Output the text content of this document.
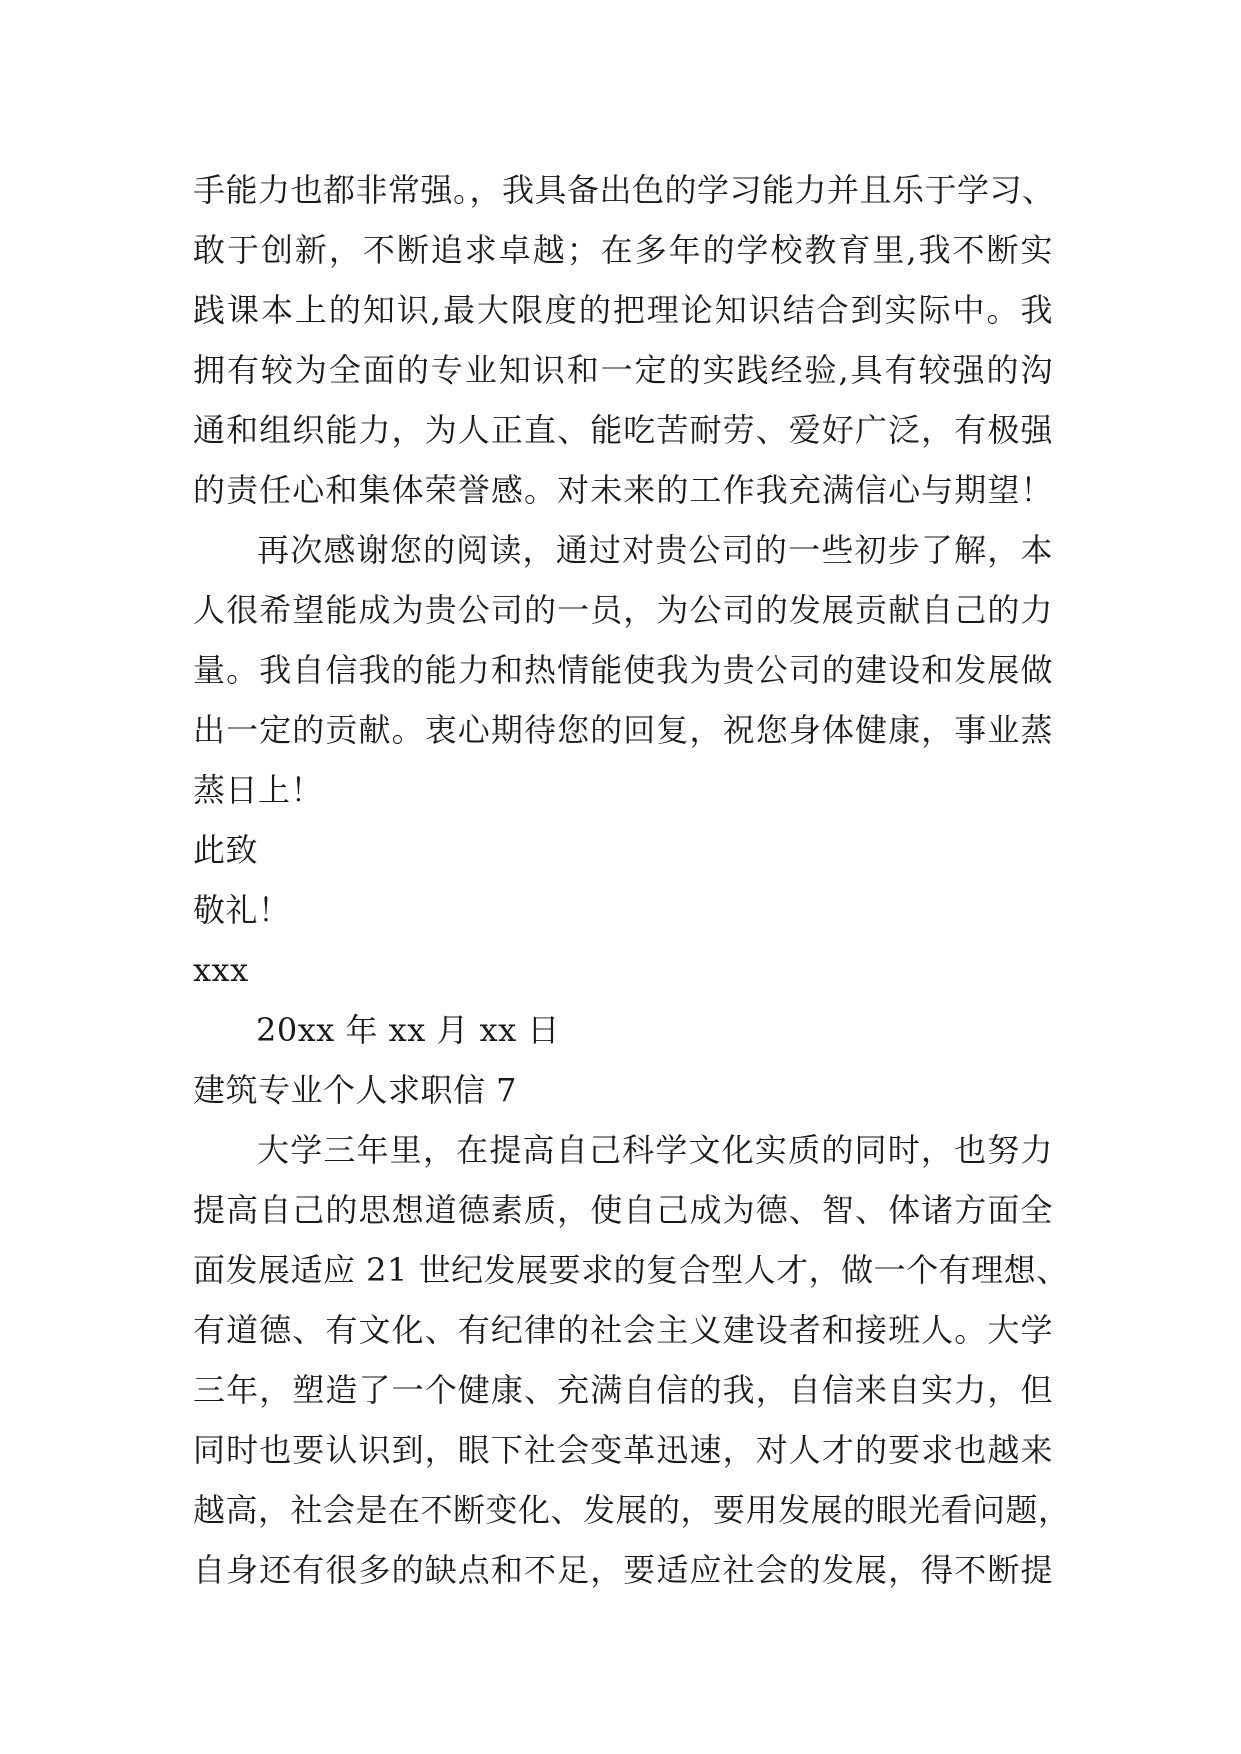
手能力也都非常强。，我具备出色的学习能力并且乐于学习、
敢于创新，不断追求卓越；在多年的学校教育里,我不断实
践课本上的知识,最大限度的把理论知识结合到实际中。我
拥有较为全面的专业知识和一定的实践经验,具有较强的沟
通和组织能力，为人正直、能吃苦耐劳、爱好广泛，有极强
的责任心和集体荣誉感。对未来的工作我充满信心与期望！
再次感谢您的阅读，通过对贵公司的一些初步了解，本
人很希望能成为贵公司的一员，为公司的发展贡献自己的力
量。我自信我的能力和热情能使我为贵公司的建设和发展做
出一定的贡献。衷心期待您的回复，祝您身体健康，事业蒸
蒸日上！
此致
敬礼！
xxx
20xx 年 xx 月 xx 日
建筑专业个人求职信 7
大学三年里，在提高自己科学文化实质的同时，也努力
提高自己的思想道德素质，使自己成为德、智、体诸方面全
面发展适应 21 世纪发展要求的复合型人才，做一个有理想、
有道德、有文化、有纪律的社会主义建设者和接班人。大学
三年，塑造了一个健康、充满自信的我，自信来自实力，但
同时也要认识到，眼下社会变革迅速，对人才的要求也越来
越高，社会是在不断变化、发展的，要用发展的眼光看问题，
自身还有很多的缺点和不足，要适应社会的发展，得不断提
